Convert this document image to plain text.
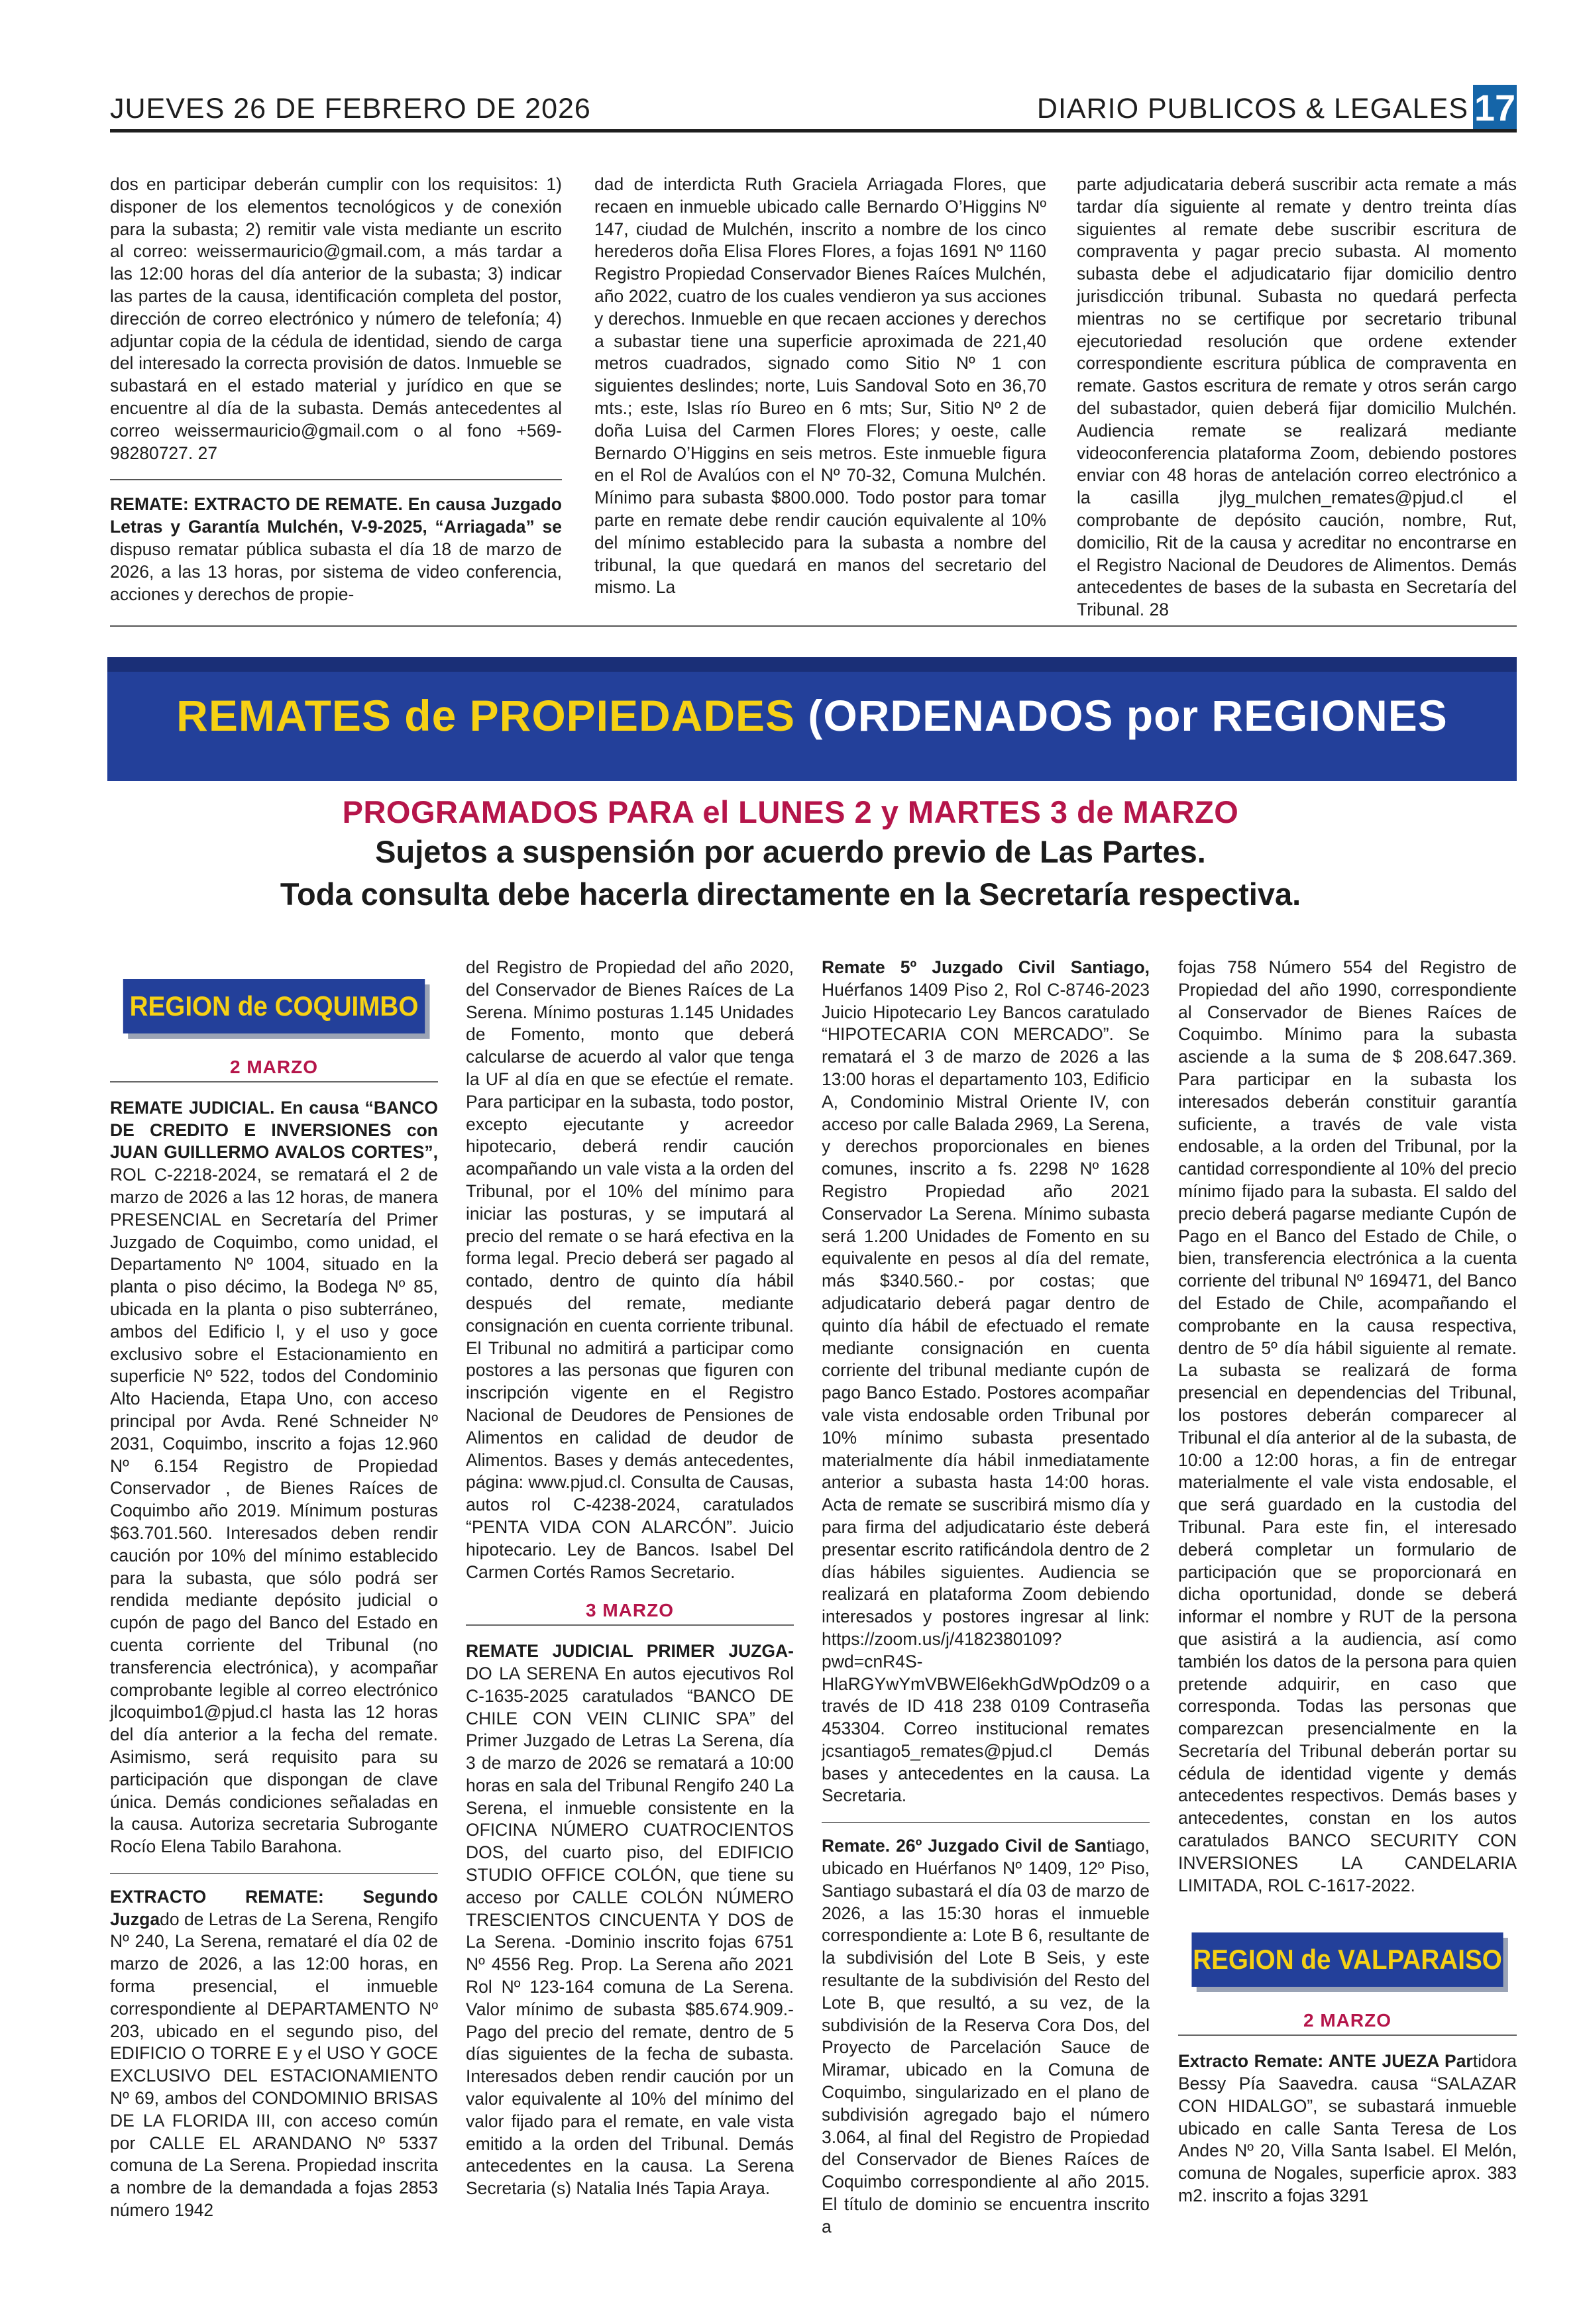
JUEVES 26 DE FEBRERO DE 2026	DIARIO PUBLICOS & LEGALES 17

dos en participar deberán cumplir con los requisitos: 1) disponer de los elementos tecnológicos y de conexión para la subasta; 2) remitir vale vista mediante un escrito al correo: weissermauricio@gmail.com, a más tardar a las 12:00 horas del día anterior de la subasta; 3) indicar las partes de la causa, identificación completa del postor, dirección de correo electrónico y número de telefonía; 4) adjuntar copia de la cédula de identidad, siendo de carga del interesado la correcta provisión de datos. Inmueble se subastará en el estado material y jurídico en que se encuentre al día de la subasta. Demás antecedentes al correo weissermauricio@gmail.com o al fono +569-98280727. 27

REMATE: EXTRACTO DE REMATE. En causa Juzgado Letras y Garantía Mulchén, V-9-2025, “Arriagada” se dispuso rematar pública subasta el día 18 de marzo de 2026, a las 13 horas, por sistema de video conferencia, acciones y derechos de propie-

dad de interdicta Ruth Graciela Arriagada Flores, que recaen en inmueble ubicado calle Bernardo O’Higgins Nº 147, ciudad de Mulchén, inscrito a nombre de los cinco herederos doña Elisa Flores Flores, a fojas 1691 Nº 1160 Registro Propiedad Conservador Bienes Raíces Mulchén, año 2022, cuatro de los cuales vendieron ya sus acciones y derechos. Inmueble en que recaen acciones y derechos a subastar tiene una superficie aproximada de 221,40 metros cuadrados, signado como Sitio Nº 1 con siguientes deslindes; norte, Luis Sandoval Soto en 36,70 mts.; este, Islas río Bureo en 6 mts; Sur, Sitio Nº 2 de doña Luisa del Carmen Flores Flores; y oeste, calle Bernardo O’Higgins en seis metros. Este inmueble figura en el Rol de Avalúos con el Nº 70-32, Comuna Mulchén. Mínimo para subasta $800.000. Todo postor para tomar parte en remate debe rendir caución equivalente al 10% del mínimo establecido para la subasta a nombre del tribunal, la que quedará en manos del secretario del mismo. La

parte adjudicataria deberá suscribir acta remate a más tardar día siguiente al remate y dentro treinta días siguientes al remate debe suscribir escritura de compraventa y pagar precio subasta. Al momento subasta debe el adjudicatario fijar domicilio dentro jurisdicción tribunal. Subasta no quedará perfecta mientras no se certifique por secretario tribunal ejecutoriedad resolución que ordene extender correspondiente escritura pública de compraventa en remate. Gastos escritura de remate y otros serán cargo del subastador, quien deberá fijar domicilio Mulchén. Audiencia remate se realizará mediante videoconferencia plataforma Zoom, debiendo postores enviar con 48 horas de antelación correo electrónico a la casilla jlyg_mulchen_remates@pjud.cl el comprobante de depósito caución, nombre, Rut, domicilio, Rit de la causa y acreditar no encontrarse en el Registro Nacional de Deudores de Alimentos. Demás antecedentes de bases de la subasta en Secretaría del Tribunal. 28

REMATES de PROPIEDADES (ORDENADOS por REGIONES
PROGRAMADOS PARA el LUNES 2 y MARTES 3 de MARZO
Sujetos a suspensión por acuerdo previo de Las Partes.
Toda consulta debe hacerla directamente en la Secretaría respectiva.
REGION de COQUIMBO
2 MARZO

REMATE JUDICIAL. En causa “BANCO DE CREDITO E INVERSIONES con JUAN GUILLERMO AVALOS CORTES”, ROL C-2218-2024, se rematará el 2 de marzo de 2026 a las 12 horas, de manera PRESENCIAL en Secretaría del Primer Juzgado de Coquimbo, como unidad, el Departamento Nº 1004, situado en la planta o piso décimo, la Bodega Nº 85, ubicada en la planta o piso subterráneo, ambos del Edificio l, y el uso y goce exclusivo sobre el Estacionamiento en superficie Nº 522, todos del Condominio Alto Hacienda, Etapa Uno, con acceso principal por Avda. René Schneider Nº 2031, Coquimbo, inscrito a fojas 12.960 Nº 6.154 Registro de Propiedad Conservador , de Bienes Raíces de Coquimbo año 2019. Mínimum posturas $63.701.560. Interesados deben rendir caución por 10% del mínimo establecido para la subasta, que sólo podrá ser rendida mediante depósito judicial o cupón de pago del Banco del Estado en cuenta corriente del Tribunal (no transferencia electrónica), y acompañar comprobante legible al correo electrónico jlcoquimbo1@pjud.cl hasta las 12 horas del día anterior a la fecha del remate. Asimismo, será requisito para su participación que dispongan de clave única. Demás condiciones señaladas en la causa. Autoriza secretaria Subrogante Rocío Elena Tabilo Barahona.

EXTRACTO REMATE: Segundo Juzgado de Letras de La Serena, Rengifo Nº 240, La Serena, remataré el día 02 de marzo de 2026, a las 12:00 horas, en forma presencial, el inmueble correspondiente al DEPARTAMENTO Nº 203, ubicado en el segundo piso, del EDIFICIO O TORRE E y el USO Y GOCE EXCLUSIVO DEL ESTACIONAMIENTO Nº 69, ambos del CONDOMINIO BRISAS DE LA FLORIDA III, con acceso común por CALLE EL ARANDANO Nº 5337 comuna de La Serena. Propiedad inscrita a nombre de la demandada a fojas 2853 número 1942

del Registro de Propiedad del año 2020, del Conservador de Bienes Raíces de La Serena. Mínimo posturas 1.145 Unidades de Fomento, monto que deberá calcularse de acuerdo al valor que tenga la UF al día en que se efectúe el remate. Para participar en la subasta, todo postor, excepto ejecutante y acreedor hipotecario, deberá rendir caución acompañando un vale vista a la orden del Tribunal, por el 10% del mínimo para iniciar las posturas, y se imputará al precio del remate o se hará efectiva en la forma legal. Precio deberá ser pagado al contado, dentro de quinto día hábil después del remate, mediante consignación en cuenta corriente tribunal. El Tribunal no admitirá a participar como postores a las personas que figuren con inscripción vigente en el Registro Nacional de Deudores de Pensiones de Alimentos en calidad de deudor de Alimentos. Bases y demás antecedentes, página: www.pjud.cl. Consulta de Causas, autos rol C-4238-2024, caratulados “PENTA VIDA CON ALARCÓN”. Juicio hipotecario. Ley de Bancos. Isabel Del Carmen Cortés Ramos Secretario.

3 MARZO

REMATE JUDICIAL PRIMER JUZGA-DO LA SERENA En autos ejecutivos Rol C-1635-2025 caratulados “BANCO DE CHILE CON VEIN CLINIC SPA” del Primer Juzgado de Letras La Serena, día 3 de marzo de 2026 se rematará a 10:00 horas en sala del Tribunal Rengifo 240 La Serena, el inmueble consistente en la OFICINA NÚMERO CUATROCIENTOS DOS, del cuarto piso, del EDIFICIO STUDIO OFFICE COLÓN, que tiene su acceso por CALLE COLÓN NÚMERO TRESCIENTOS CINCUENTA Y DOS de La Serena. -Dominio inscrito fojas 6751 Nº 4556 Reg. Prop. La Serena año 2021 Rol Nº 123-164 comuna de La Serena. Valor mínimo de subasta $85.674.909.- Pago del precio del remate, dentro de 5 días siguientes de la fecha de subasta. Interesados deben rendir caución por un valor equivalente al 10% del mínimo del valor fijado para el remate, en vale vista emitido a la orden del Tribunal. Demás antecedentes en la causa. La Serena Secretaria (s) Natalia Inés Tapia Araya.

Remate 5º Juzgado Civil Santiago, Huérfanos 1409 Piso 2, Rol C-8746-2023 Juicio Hipotecario Ley Bancos caratulado “HIPOTECARIA CON MERCADO”. Se rematará el 3 de marzo de 2026 a las 13:00 horas el departamento 103, Edificio A, Condominio Mistral Oriente IV, con acceso por calle Balada 2969, La Serena, y derechos proporcionales en bienes comunes, inscrito a fs. 2298 Nº 1628 Registro Propiedad año 2021 Conservador La Serena. Mínimo subasta será 1.200 Unidades de Fomento en su equivalente en pesos al día del remate, más $340.560.- por costas; que adjudicatario deberá pagar dentro de quinto día hábil de efectuado el remate mediante consignación en cuenta corriente del tribunal mediante cupón de pago Banco Estado. Postores acompañar vale vista endosable orden Tribunal por 10% mínimo subasta presentado materialmente día hábil inmediatamente anterior a subasta hasta 14:00 horas. Acta de remate se suscribirá mismo día y para firma del adjudicatario éste deberá presentar escrito ratificándola dentro de 2 días hábiles siguientes. Audiencia se realizará en plataforma Zoom debiendo interesados y postores ingresar al link: https://zoom.us/j/4182380109?pwd=cnR4S-HlaRGYwYmVBWEl6ekhGdWpOdz09 o a través de ID 418 238 0109 Contraseña 453304. Correo institucional remates jcsantiago5_remates@pjud.cl Demás bases y antecedentes en la causa. La Secretaria.

Remate. 26º Juzgado Civil de Santiago, ubicado en Huérfanos Nº 1409, 12º Piso, Santiago subastará el día 03 de marzo de 2026, a las 15:30 horas el inmueble correspondiente a: Lote B 6, resultante de la subdivisión del Lote B Seis, y este resultante de la subdivisión del Resto del Lote B, que resultó, a su vez, de la subdivisión de la Reserva Cora Dos, del Proyecto de Parcelación Sauce de Miramar, ubicado en la Comuna de Coquimbo, singularizado en el plano de subdivisión agregado bajo el número 3.064, al final del Registro de Propiedad del Conservador de Bienes Raíces de Coquimbo correspondiente al año 2015. El título de dominio se encuentra inscrito a

fojas 758 Número 554 del Registro de Propiedad del año 1990, correspondiente al Conservador de Bienes Raíces de Coquimbo. Mínimo para la subasta asciende a la suma de $ 208.647.369. Para participar en la subasta los interesados deberán constituir garantía suficiente, a través de vale vista endosable, a la orden del Tribunal, por la cantidad correspondiente al 10% del precio mínimo fijado para la subasta. El saldo del precio deberá pagarse mediante Cupón de Pago en el Banco del Estado de Chile, o bien, transferencia electrónica a la cuenta corriente del tribunal Nº 169471, del Banco del Estado de Chile, acompañando el comprobante en la causa respectiva, dentro de 5º día hábil siguiente al remate. La subasta se realizará de forma presencial en dependencias del Tribunal, los postores deberán comparecer al Tribunal el día anterior al de la subasta, de 10:00 a 12:00 horas, a fin de entregar materialmente el vale vista endosable, el que será guardado en la custodia del Tribunal. Para este fin, el interesado deberá completar un formulario de participación que se proporcionará en dicha oportunidad, donde se deberá informar el nombre y RUT de la persona que asistirá a la audiencia, así como también los datos de la persona para quien pretende adquirir, en caso que corresponda. Todas las personas que comparezcan presencialmente en la Secretaría del Tribunal deberán portar su cédula de identidad vigente y demás antecedentes respectivos. Demás bases y antecedentes, constan en los autos caratulados BANCO SECURITY CON INVERSIONES LA CANDELARIA LIMITADA, ROL C-1617-2022.

REGION de VALPARAISO
2 MARZO

Extracto Remate: ANTE JUEZA Partidora Bessy Pía Saavedra. causa “SALAZAR CON HIDALGO”, se subastará inmueble ubicado en calle Santa Teresa de Los Andes Nº 20, Villa Santa Isabel. El Melón, comuna de Nogales, superficie aprox. 383 m2. inscrito a fojas 3291
